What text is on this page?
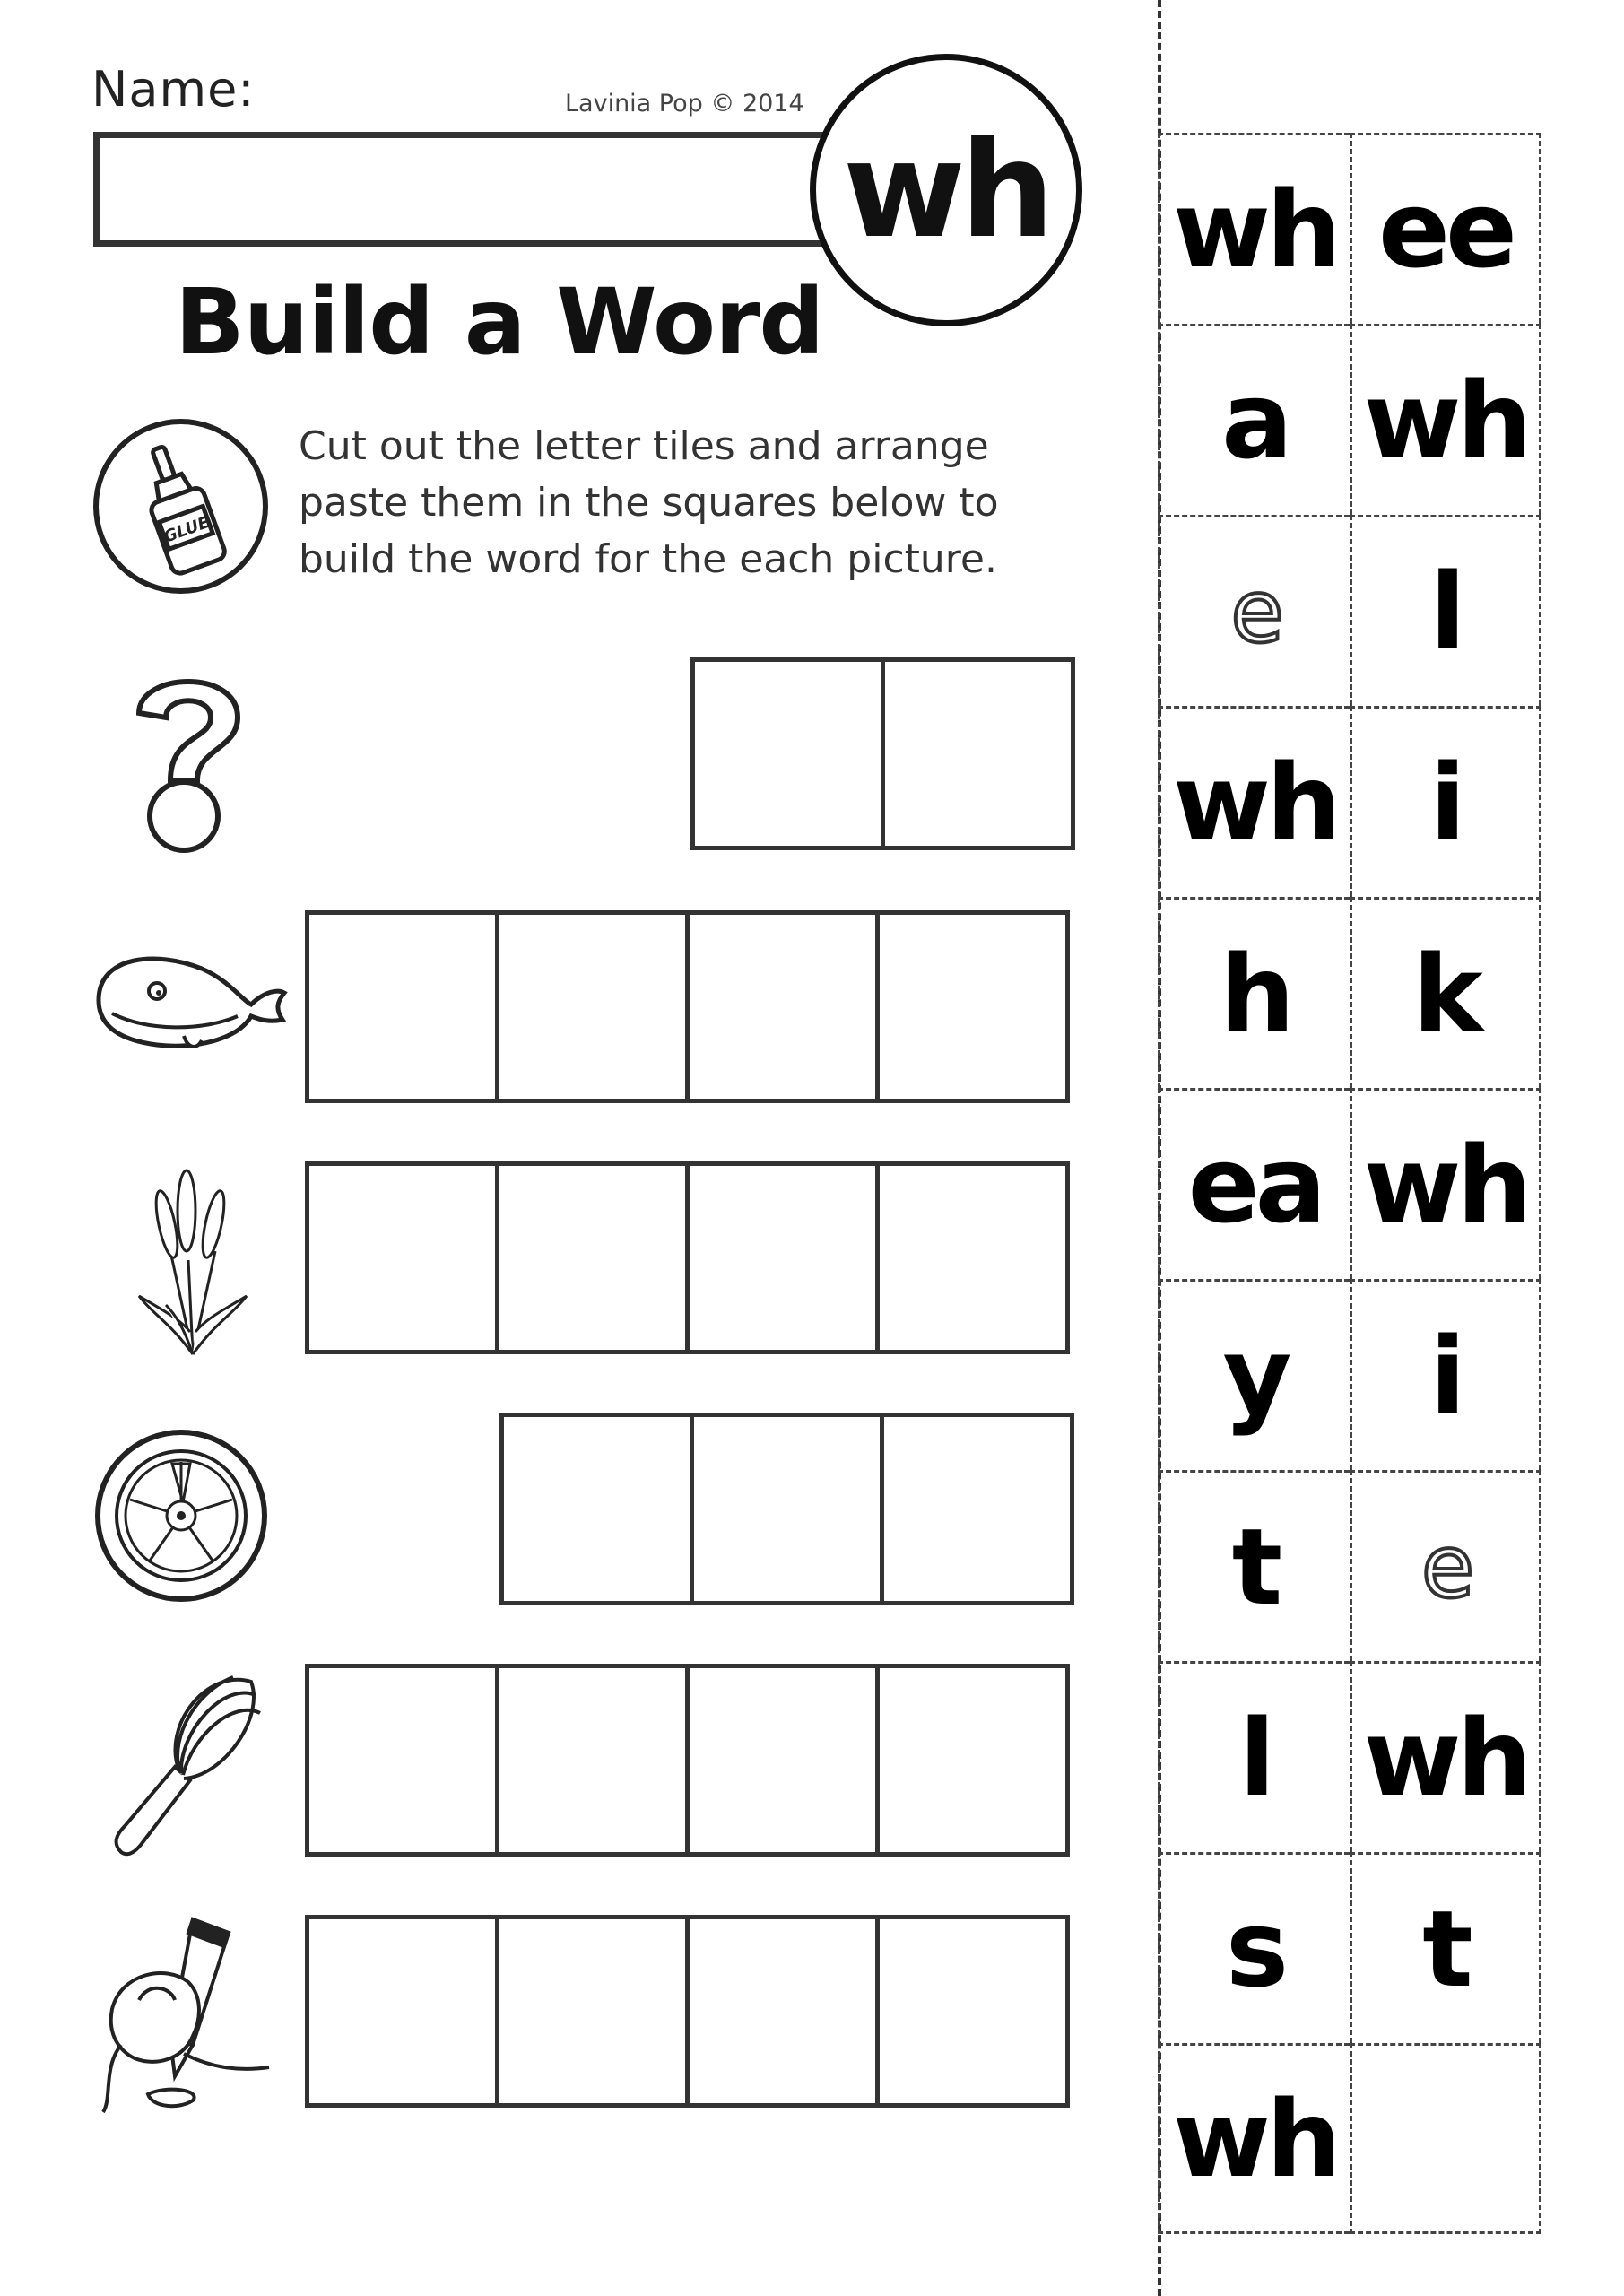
Name:	Lavinia Pop © 2014
wh
Build a Word
GLUE
Cut out the letter tiles and arrange paste them in the squares below to build the word for the each picture.
wh ee
a wh
e l
wh i
h k
ea wh
y i
t e
l wh
s t
wh
